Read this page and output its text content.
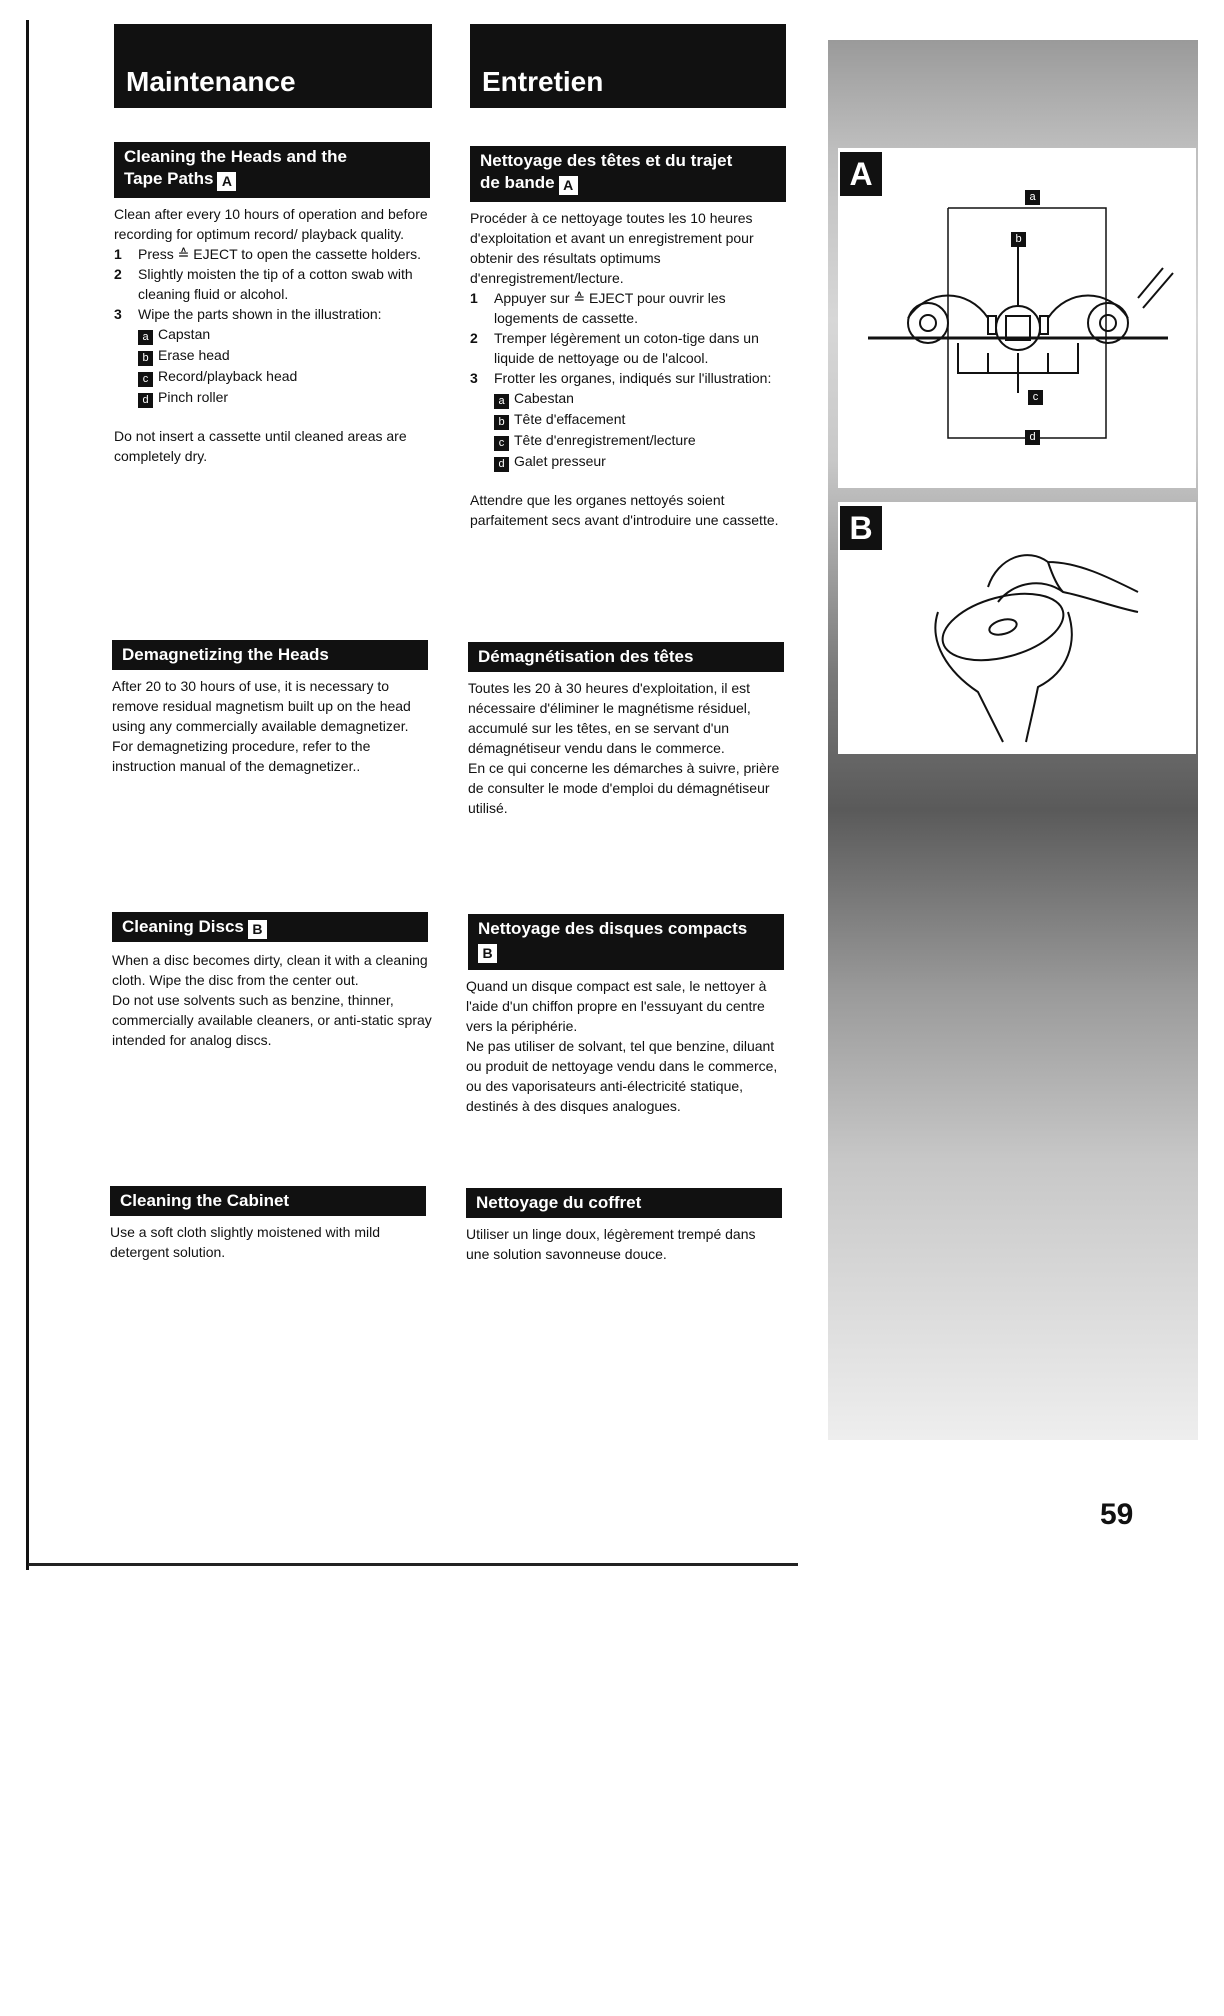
Maintenance	Entretien
Cleaning the Heads and the
Tape Paths A

Clean after every 10 hours of operation and before recording for optimum record/ playback quality.

1 Press ≙ EJECT to open the cassette holders.
2 Slightly moisten the tip of a cotton swab with cleaning fluid or alcohol.
3 Wipe the parts shown in the illustration:
a Capstan
b Erase head
c Record/playback head
d Pinch roller

Do not insert a cassette until cleaned areas are completely dry.

Demagnetizing the Heads

After 20 to 30 hours of use, it is necessary to remove residual magnetism built up on the head using any commercially available demagnetizer.

For demagnetizing procedure, refer to the instruction manual of the demagnetizer..

Cleaning Discs B

When a disc becomes dirty, clean it with a cleaning cloth. Wipe the disc from the center out.

Do not use solvents such as benzine, thinner, commercially available cleaners, or anti-static spray intended for analog discs.

Cleaning the Cabinet

Use a soft cloth slightly moistened with mild detergent solution.

Nettoyage des têtes et du trajet
de bande A

Procéder à ce nettoyage toutes les 10 heures d'exploitation et avant un enregistrement pour obtenir des résultats optimums d'enregistrement/lecture.

1 Appuyer sur ≙ EJECT pour ouvrir les logements de cassette.
2 Tremper légèrement un coton-tige dans un liquide de nettoyage ou de l'alcool.
3 Frotter les organes, indiqués sur l'illustration:
a Cabestan
b Tête d'effacement
c Tête d'enregistrement/lecture
d Galet presseur

Attendre que les organes nettoyés soient parfaitement secs avant d'introduire une cassette.

Démagnétisation des têtes

Toutes les 20 à 30 heures d'exploitation, il est nécessaire d'éliminer le magnétisme résiduel, accumulé sur les têtes, en se servant d'un démagnétiseur vendu dans le commerce.

En ce qui concerne les démarches à suivre, prière de consulter le mode d'emploi du démagnétiseur utilisé.

Nettoyage des disques compacts
B

Quand un disque compact est sale, le nettoyer à l'aide d'un chiffon propre en l'essuyant du centre vers la périphérie.

Ne pas utiliser de solvant, tel que benzine, diluant ou produit de nettoyage vendu dans le commerce, ou des vaporisateurs anti-électricité statique, destinés à des disques analogues.

Nettoyage du coffret

Utiliser un linge doux, légèrement trempé dans une solution savonneuse douce.

A
a
b
c
d
B
59
